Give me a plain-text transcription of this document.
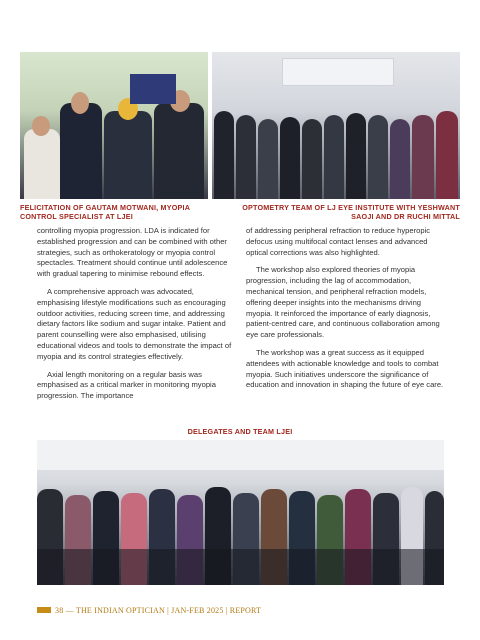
FELICITATION OF GAUTAM MOTWANI, MYOPIA CONTROL SPECIALIST AT LJEI
OPTOMETRY TEAM OF LJ EYE INSTITUTE WITH YESHWANT SAOJI AND DR RUCHI MITTAL

controlling myopia progression. LDA is indicated for established progression and can be combined with other strategies, such as orthokeratology or myopia control spectacles. Treatment should continue until adolescence with gradual tapering to minimise rebound effects.

A comprehensive approach was advocated, emphasising lifestyle modifications such as encouraging outdoor activities, reducing screen time, and addressing dietary factors like sodium and sugar intake. Patient and parent counselling were also emphasised, utilising educational videos and tools to demonstrate the impact of myopia and its control strategies effectively.

Axial length monitoring on a regular basis was emphasised as a critical marker in monitoring myopia progression. The importance

of addressing peripheral refraction to reduce hyperopic defocus using multifocal contact lenses and advanced optical corrections was also highlighted.

The workshop also explored theories of myopia progression, including the lag of accommodation, mechanical tension, and peripheral refraction models, offering deeper insights into the mechanisms driving myopia. It reinforced the importance of early diagnosis, patient-centred care, and continuous collaboration among eye care professionals.

The workshop was a great success as it equipped attendees with actionable knowledge and tools to combat myopia. Such initiatives underscore the significance of education and innovation in shaping the future of eye care.

DELEGATES AND TEAM LJEI
38 — THE INDIAN OPTICIAN | JAN-FEB 2025 | REPORT
